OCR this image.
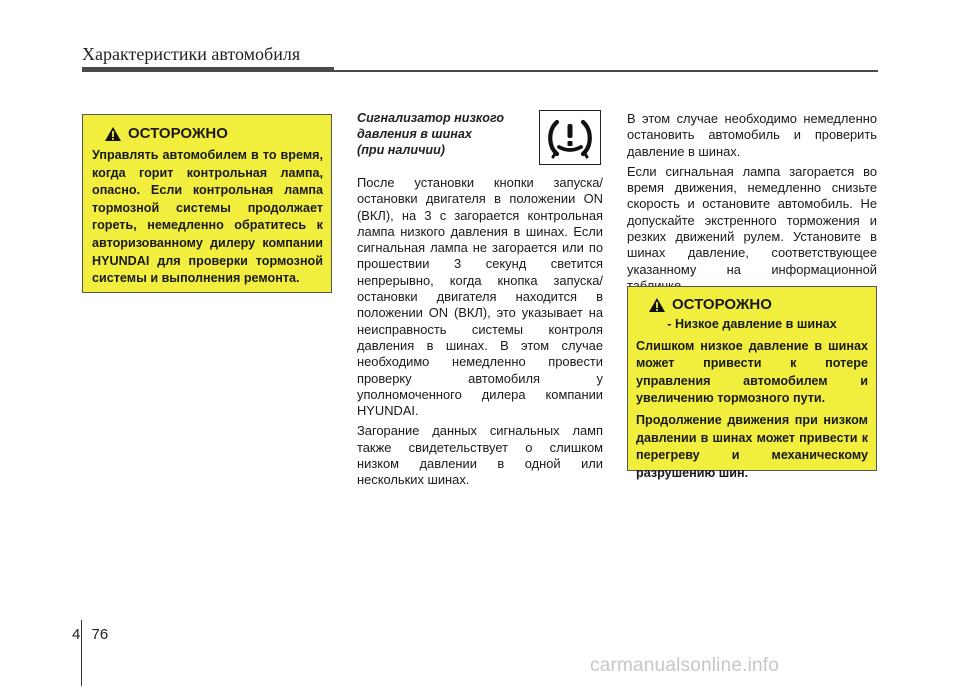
Характеристики автомобиля
ОСТОРОЖНО

Управлять автомобилем в то время, когда горит контрольная лампа, опасно. Если контрольная лампа тормозной системы продолжает гореть, немедленно обратитесь к авторизованному дилеру компании HYUNDAI для проверки тормозной системы и выполнения ремонта.

Сигнализатор низкого
давления в шинах
(при наличии)

После установки кнопки запуска/остановки двигателя в положении ON (ВКЛ), на 3 с загорается контрольная лампа низкого давления в шинах. Если сигнальная лампа не загорается или по прошествии 3 секунд светится непрерывно, когда кнопка запуска/остановки двигателя находится в положении ON (ВКЛ), это указывает на неисправность системы контроля давления в шинах. В этом случае необходимо немедленно провести проверку автомобиля у уполномоченного дилера компании HYUNDAI.

Загорание данных сигнальных ламп также свидетельствует о слишком низком давлении в одной или нескольких шинах.

В этом случае необходимо немедленно остановить автомобиль и проверить давление в шинах.

Если сигнальная лампа загорается во время движения, немедленно снизьте скорость и остановите автомобиль. Не допускайте экстренного торможения и резких движений рулем. Установите в шинах давление, соответствующее указанному на информационной

ОСТОРОЖНО
- Низкое давление в шинах

Слишком низкое давление в шинах может привести к потере управления автомобилем и увеличению тормозного пути.

Продолжение движения при низком давлении в шинах может привести к перегреву и механическому разрушению шин.

4 76
carmanualsonline.info
